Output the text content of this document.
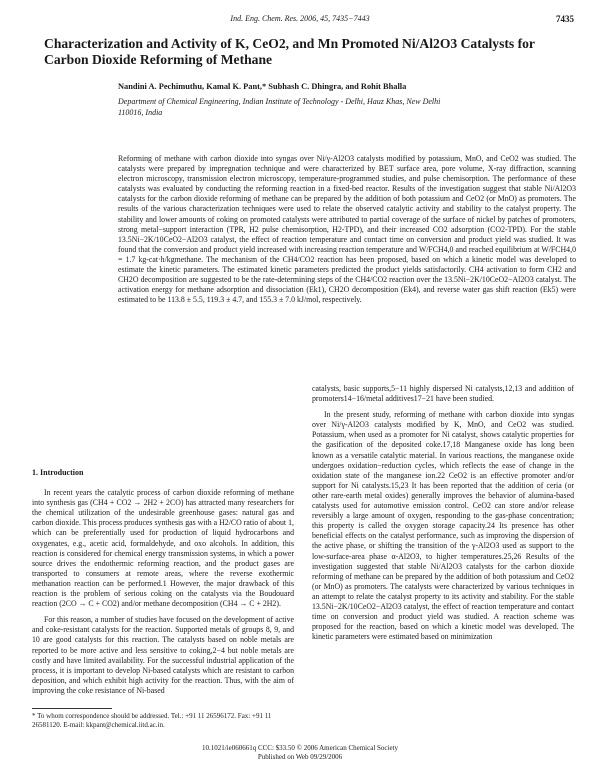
Ind. Eng. Chem. Res. 2006, 45, 7435−7443	7435
Characterization and Activity of K, CeO2, and Mn Promoted Ni/Al2O3 Catalysts for Carbon Dioxide Reforming of Methane
Nandini A. Pechimuthu, Kamal K. Pant,* Subhash C. Dhingra, and Rohit Bhalla
Department of Chemical Engineering, Indian Institute of Technology - Delhi, Hauz Khas, New Delhi 110016, India

Reforming of methane with carbon dioxide into syngas over Ni/γ-Al2O3 catalysts modified by potassium, MnO, and CeO2 was studied. The catalysts were prepared by impregnation technique and were characterized by BET surface area, pore volume, X-ray diffraction, scanning electron microscopy, transmission electron microscopy, temperature-programmed studies, and pulse chemisorption. The performance of these catalysts was evaluated by conducting the reforming reaction in a fixed-bed reactor. Results of the investigation suggest that stable Ni/Al2O3 catalysts for the carbon dioxide reforming of methane can be prepared by the addition of both potassium and CeO2 (or MnO) as promoters. The results of the various characterization techniques were used to relate the observed catalytic activity and stability to the catalyst property. The stability and lower amounts of coking on promoted catalysts were attributed to partial coverage of the surface of nickel by patches of promoters, strong metal−support interaction (TPR, H2 pulse chemisorption, H2-TPD), and their increased CO2 adsorption (CO2-TPD). For the stable 13.5Ni−2K/10CeO2−Al2O3 catalyst, the effect of reaction temperature and contact time on conversion and product yield was studied. It was found that the conversion and product yield increased with increasing reaction temperature and W/FCH4,0 and reached equilibrium at W/FCH4,0 = 1.7 kg-cat·h/kgmethane. The mechanism of the CH4/CO2 reaction has been proposed, based on which a kinetic model was developed to estimate the kinetic parameters. The estimated kinetic parameters predicted the product yields satisfactorily. CH4 activation to form CH2 and CH2O decomposition are suggested to be the rate-determining steps of the CH4/CO2 reaction over the 13.5Ni−2K/10CeO2−Al2O3 catalyst. The activation energy for methane adsorption and dissociation (Ek1), CH2O decomposition (Ek4), and reverse water gas shift reaction (Ek5) were estimated to be 113.8 ± 5.5, 119.3 ± 4.7, and 155.3 ± 7.0 kJ/mol, respectively.

1. Introduction

In recent years the catalytic process of carbon dioxide reforming of methane into synthesis gas (CH4 + CO2 → 2H2 + 2CO) has attracted many researchers for the chemical utilization of the undesirable greenhouse gases: natural gas and carbon dioxide. This process produces synthesis gas with a H2/CO ratio of about 1, which can be preferentially used for production of liquid hydrocarbons and oxygenates, e.g., acetic acid, formaldehyde, and oxo alcohols. In addition, this reaction is considered for chemical energy transmission systems, in which a power source drives the endothermic reforming reaction, and the product gases are transported to consumers at remote areas, where the reverse exothermic methanation reaction can be performed.1 However, the major drawback of this reaction is the problem of serious coking on the catalysts via the Boudouard reaction (2CO → C + CO2) and/or methane decomposition (CH4 → C + 2H2).

For this reason, a number of studies have focused on the development of active and coke-resistant catalysts for the reaction. Supported metals of groups 8, 9, and 10 are good catalysts for this reaction. The catalysts based on noble metals are reported to be more active and less sensitive to coking,2−4 but noble metals are costly and have limited availability. For the successful industrial application of the process, it is important to develop Ni-based catalysts which are resistant to carbon deposition, and which exhibit high activity for the reaction. Thus, with the aim of improving the coke resistance of Ni-based

catalysts, basic supports,5−11 highly dispersed Ni catalysts,12,13 and addition of promoters14−16/metal additives17−21 have been studied.

In the present study, reforming of methane with carbon dioxide into syngas over Ni/γ-Al2O3 catalysts modified by K, MnO, and CeO2 was studied. Potassium, when used as a promoter for Ni catalyst, shows catalytic properties for the gasification of the deposited coke.17,18 Manganese oxide has long been known as a versatile catalytic material. In various reactions, the manganese oxide undergoes oxidation−reduction cycles, which reflects the ease of change in the oxidation state of the manganese ion.22 CeO2 is an effective promoter and/or support for Ni catalysts.15,23 It has been reported that the addition of ceria (or other rare-earth metal oxides) generally improves the behavior of alumina-based catalysts used for automotive emission control. CeO2 can store and/or release reversibly a large amount of oxygen, responding to the gas-phase concentration; this property is called the oxygen storage capacity.24 Its presence has other beneficial effects on the catalyst performance, such as improving the dispersion of the active phase, or shifting the transition of the γ-Al2O3 used as support to the low-surface-area phase α-Al2O3, to higher temperatures.25,26 Results of the investigation suggested that stable Ni/Al2O3 catalysts for the carbon dioxide reforming of methane can be prepared by the addition of both potassium and CeO2 (or MnO) as promoters. The catalysts were characterized by various techniques in an attempt to relate the catalyst property to its activity and stability. For the stable 13.5Ni−2K/10CeO2−Al2O3 catalyst, the effect of reaction temperature and contact time on conversion and product yield was studied. A reaction scheme was proposed for the reaction, based on which a kinetic model was developed. The kinetic parameters were estimated based on minimization

* To whom correspondence should be addressed. Tel.: +91 11 26596172. Fax: +91 11 26581120. E-mail: kkpant@chemical.iitd.ac.in.
10.1021/ie060661q CCC: $33.50 © 2006 American Chemical Society
Published on Web 09/29/2006
